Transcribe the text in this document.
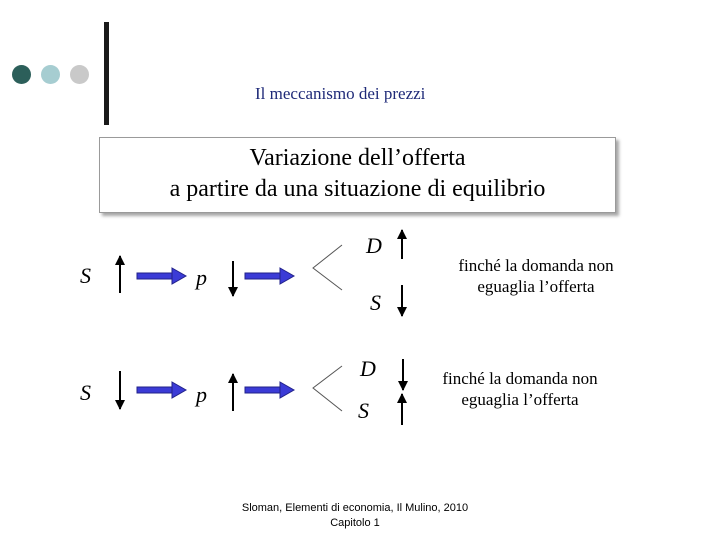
Il meccanismo dei prezzi
Variazione dell’offerta
a partire da una situazione di equilibrio
S	p
D
S
finché la domanda non
eguaglia l’offerta
S	p
D
S
finché la domanda non
eguaglia l’offerta
Sloman, Elementi di economia, Il Mulino, 2010
Capitolo 1
